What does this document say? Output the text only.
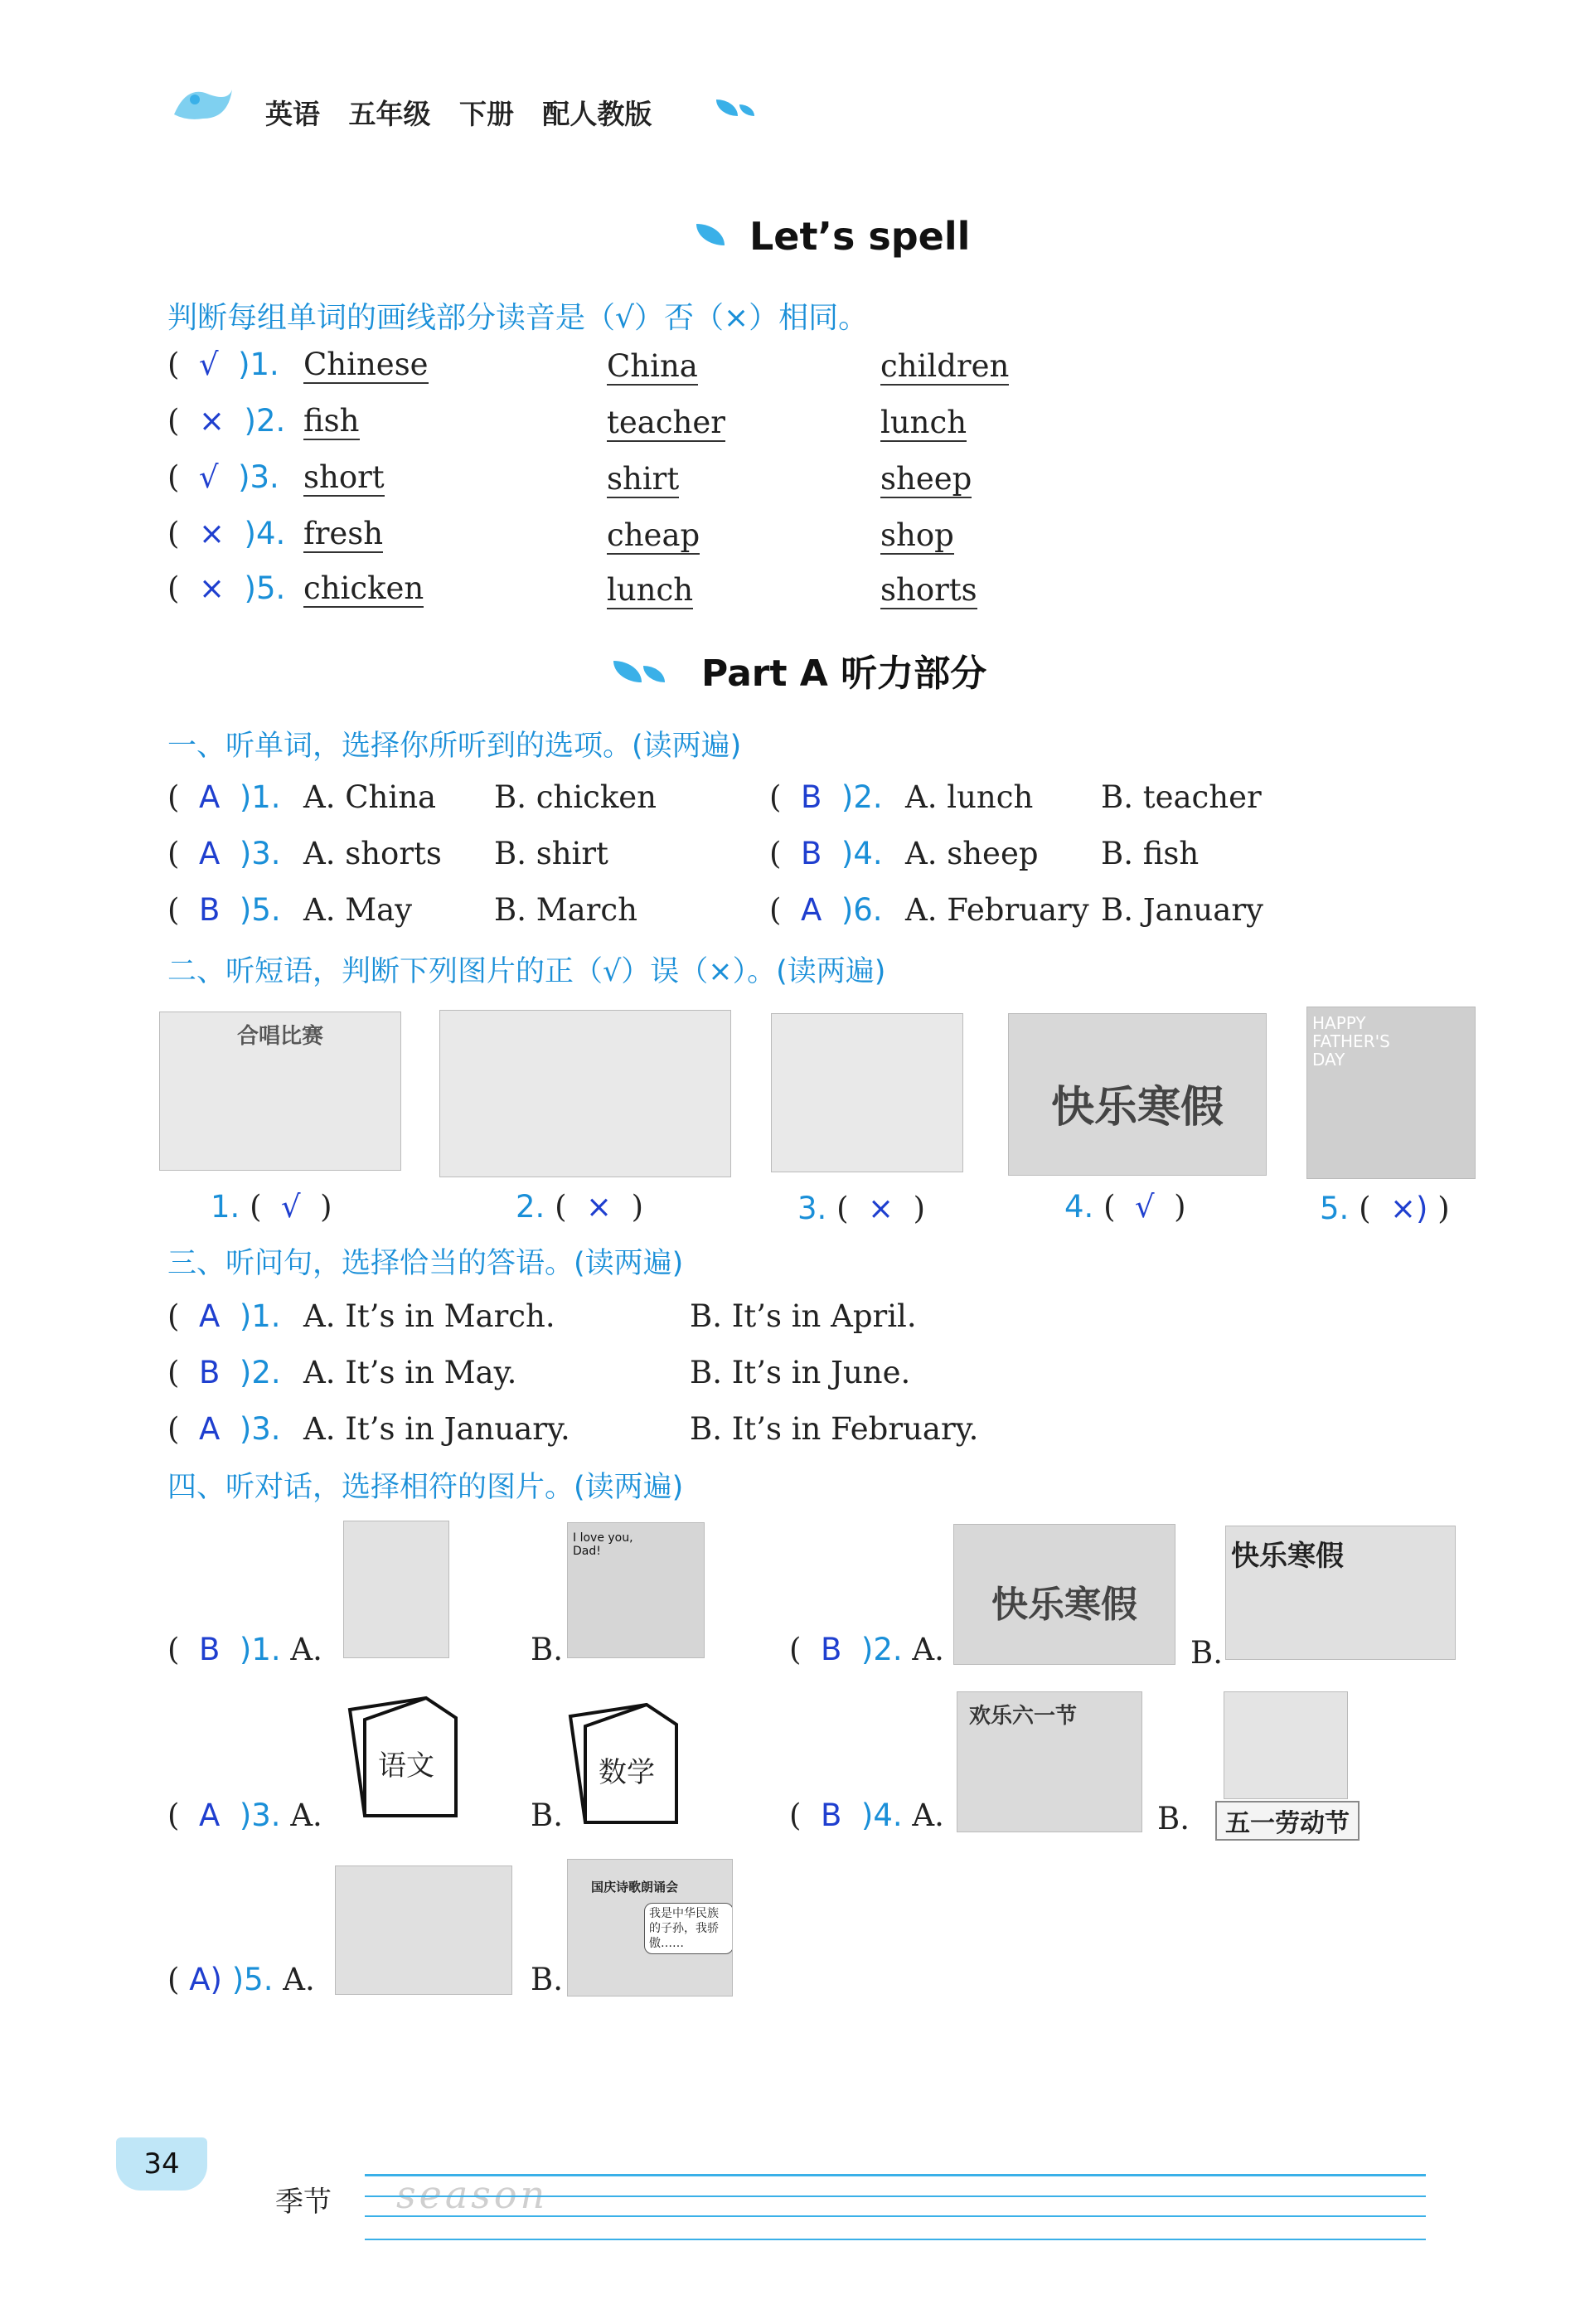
英语 五年级 下册 配人教版
Let’s spell
判断每组单词的画线部分读音是（√）否（×）相同。
(  √ )1. Chinese	China	children
(  × )2. fish	teacher	lunch
(  √ )3. short	shirt	sheep
(  × )4. fresh	cheap	shop
(  × )5. chicken	lunch	shorts
Part A 听力部分
一、听单词，选择你所听到的选项。(读两遍)
(  A )1. A. China B. chicken	(  B )2. A. lunch B. teacher
(  A )3. A. shorts B. shirt	(  B )4. A. sheep B. fish
(  B )5. A. May	B. March	(  A )6. A. February B. January
二、听短语，判断下列图片的正（√）误（×）。(读两遍)
合唱比赛
快乐寒假
HAPPY FATHER'S DAY
1. (  √  )	2. (  ×  )	3. (  ×  )	4. (  √  )	5. (  ×) )
三、听问句，选择恰当的答语。(读两遍)
(  A )1. A. It’s in March.	B. It’s in April.
(  B )2. A. It’s in May.	B. It’s in June.
(  A )3. A. It’s in January.	B. It’s in February.
四、听对话，选择相符的图片。(读两遍)
(  B )1. A.	B.
I love you, Dad!
(  B )2. A.
快乐寒假
B.
快乐寒假
(  A )3. A.
语文
B.
数学
(  B )4. A.
欢乐六一节
B.	五一劳动节
( A) )5. A.	B.
国庆诗歌朗诵会
我是中华民族的子孙，我骄傲……
34
季节 season
